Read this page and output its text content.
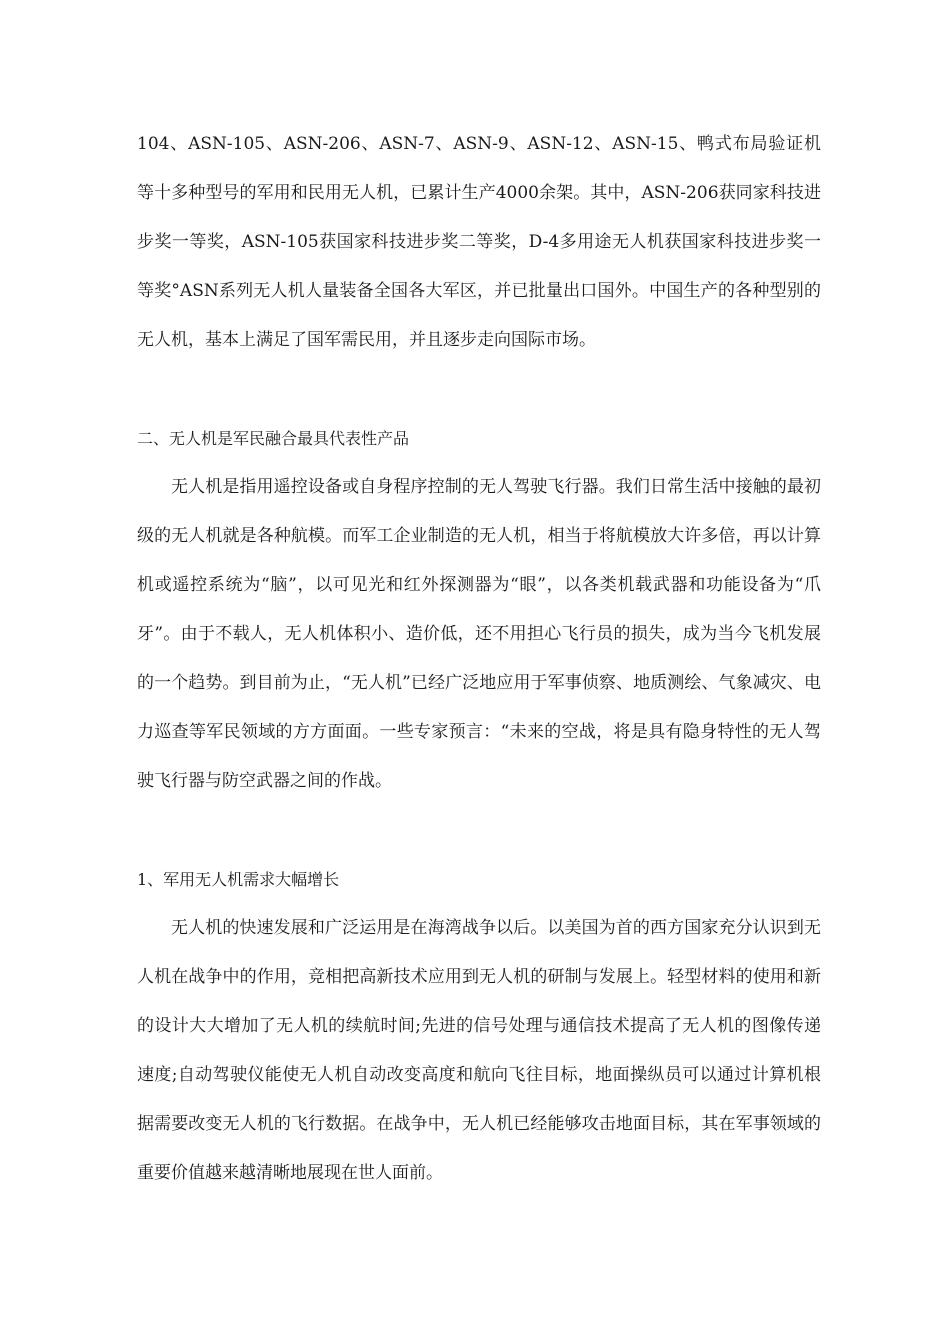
104、ASN-105、ASN-206、ASN-7、ASN-9、ASN-12、ASN-15、鸭式布局验证机等十多种型号的军用和民用无人机，已累计生产4000余架。其中，ASN-206获同家科技进步奖一等奖，ASN-105获国家科技进步奖二等奖，D-4多用途无人机获国家科技进步奖一等奖°ASN系列无人机人量装备全国各大军区，并已批量出口国外。中国生产的各种型别的无人机，基本上满足了国军需民用，并且逐步走向国际市场。

二、无人机是军民融合最具代表性产品

无人机是指用遥控设备或自身程序控制的无人驾驶飞行器。我们日常生活中接触的最初级的无人机就是各种航模。而军工企业制造的无人机，相当于将航模放大许多倍，再以计算机或遥控系统为“脑”，以可见光和红外探测器为“眼”，以各类机载武器和功能设备为“爪牙”。由于不载人，无人机体积小、造价低，还不用担心飞行员的损失，成为当今飞机发展的一个趋势。到目前为止，“无人机”已经广泛地应用于军事侦察、地质测绘、气象减灾、电力巡查等军民领域的方方面面。一些专家预言：“未来的空战，将是具有隐身特性的无人驾驶飞行器与防空武器之间的作战。

1、军用无人机需求大幅增长

无人机的快速发展和广泛运用是在海湾战争以后。以美国为首的西方国家充分认识到无人机在战争中的作用，竞相把高新技术应用到无人机的研制与发展上。轻型材料的使用和新的设计大大增加了无人机的续航时间;先进的信号处理与通信技术提高了无人机的图像传递速度;自动驾驶仪能使无人机自动改变高度和航向飞往目标，地面操纵员可以通过计算机根据需要改变无人机的飞行数据。在战争中，无人机已经能够攻击地面目标，其在军事领域的重要价值越来越清晰地展现在世人面前。
